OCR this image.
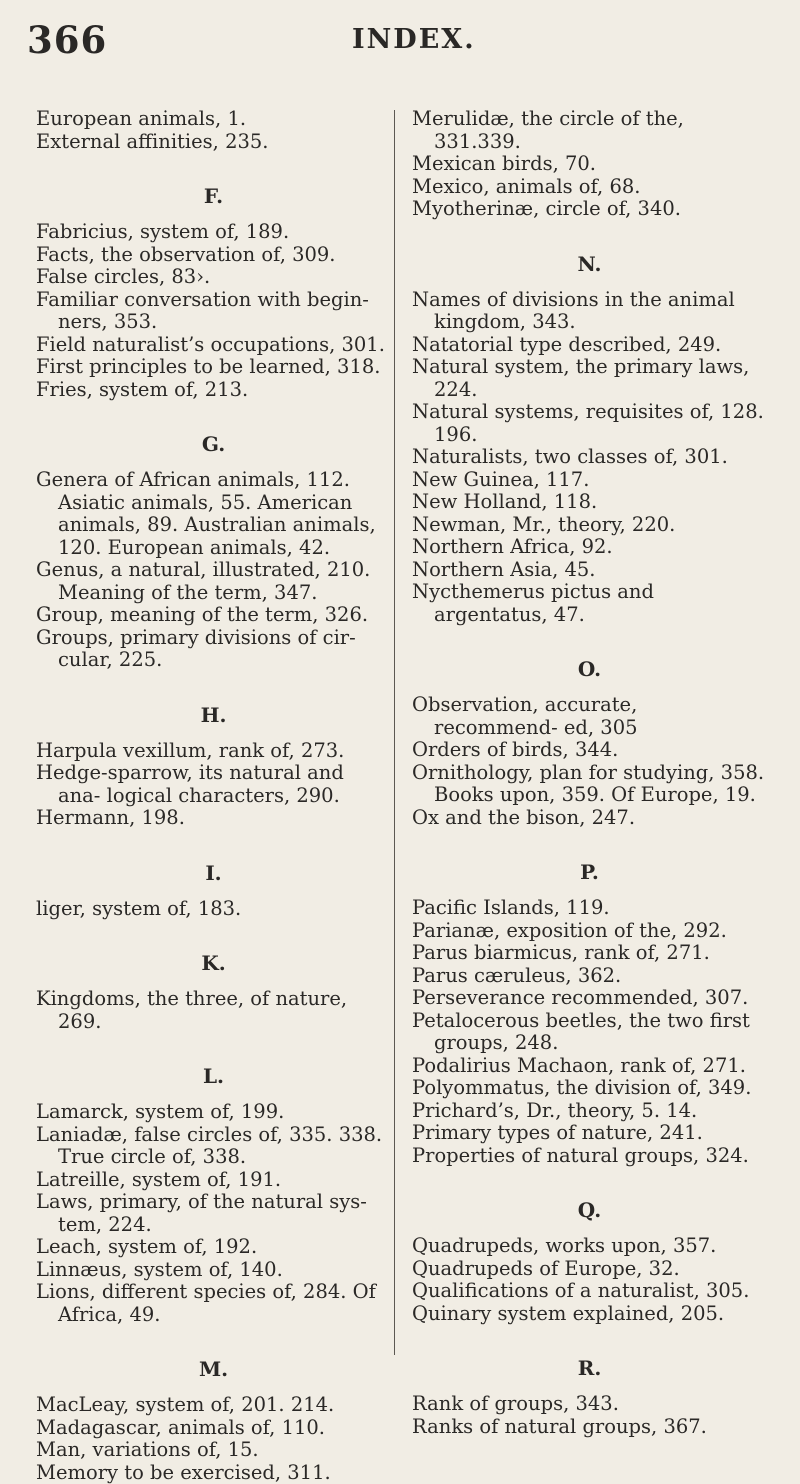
366	INDEX.

European animals, 1.

External affinities, 235.

F.

Fabricius, system of, 189.

Facts, the observation of, 309.

False circles, 83›.

Familiar conversation with begin- ners, 353.

Field naturalist’s occupations, 301.

First principles to be learned, 318.

Fries, system of, 213.

G.

Genera of African animals, 112. Asiatic animals, 55. American animals, 89. Australian animals, 120. European animals, 42.

Genus, a natural, illustrated, 210. Meaning of the term, 347.

Group, meaning of the term, 326.

Groups, primary divisions of cir- cular, 225.

H.

Harpula vexillum, rank of, 273.

Hedge-sparrow, its natural and ana- logical characters, 290.

Hermann, 198.

I.

liger, system of, 183.

K.

Kingdoms, the three, of nature, 269.

L.

Lamarck, system of, 199.

Laniadæ, false circles of, 335. 338. True circle of, 338.

Latreille, system of, 191.

Laws, primary, of the natural sys- tem, 224.

Leach, system of, 192.

Linnæus, system of, 140.

Lions, different species of, 284. Of Africa, 49.

M.

MacLeay, system of, 201. 214.

Madagascar, animals of, 110.

Man, variations of, 15.

Memory to be exercised, 311.

Merulidæ, the circle of the, 331.339.

Mexican birds, 70.

Mexico, animals of, 68.

Myotherinæ, circle of, 340.

N.

Names of divisions in the animal kingdom, 343.

Natatorial type described, 249.

Natural system, the primary laws, 224.

Natural systems, requisites of, 128. 196.

Naturalists, two classes of, 301.

New Guinea, 117.

New Holland, 118.

Newman, Mr., theory, 220.

Northern Africa, 92.

Northern Asia, 45.

Nycthemerus pictus and argentatus, 47.

O.

Observation, accurate, recommend- ed, 305

Orders of birds, 344.

Ornithology, plan for studying, 358. Books upon, 359. Of Europe, 19.

Ox and the bison, 247.

P.

Pacific Islands, 119.

Parianæ, exposition of the, 292.

Parus biarmicus, rank of, 271.

Parus cæruleus, 362.

Perseverance recommended, 307.

Petalocerous beetles, the two first groups, 248.

Podalirius Machaon, rank of, 271.

Polyommatus, the division of, 349.

Prichard’s, Dr., theory, 5. 14.

Primary types of nature, 241.

Properties of natural groups, 324.

Q.

Quadrupeds, works upon, 357.

Quadrupeds of Europe, 32.

Qualifications of a naturalist, 305.

Quinary system explained, 205.

R.

Rank of groups, 343.

Ranks of natural groups, 367.
